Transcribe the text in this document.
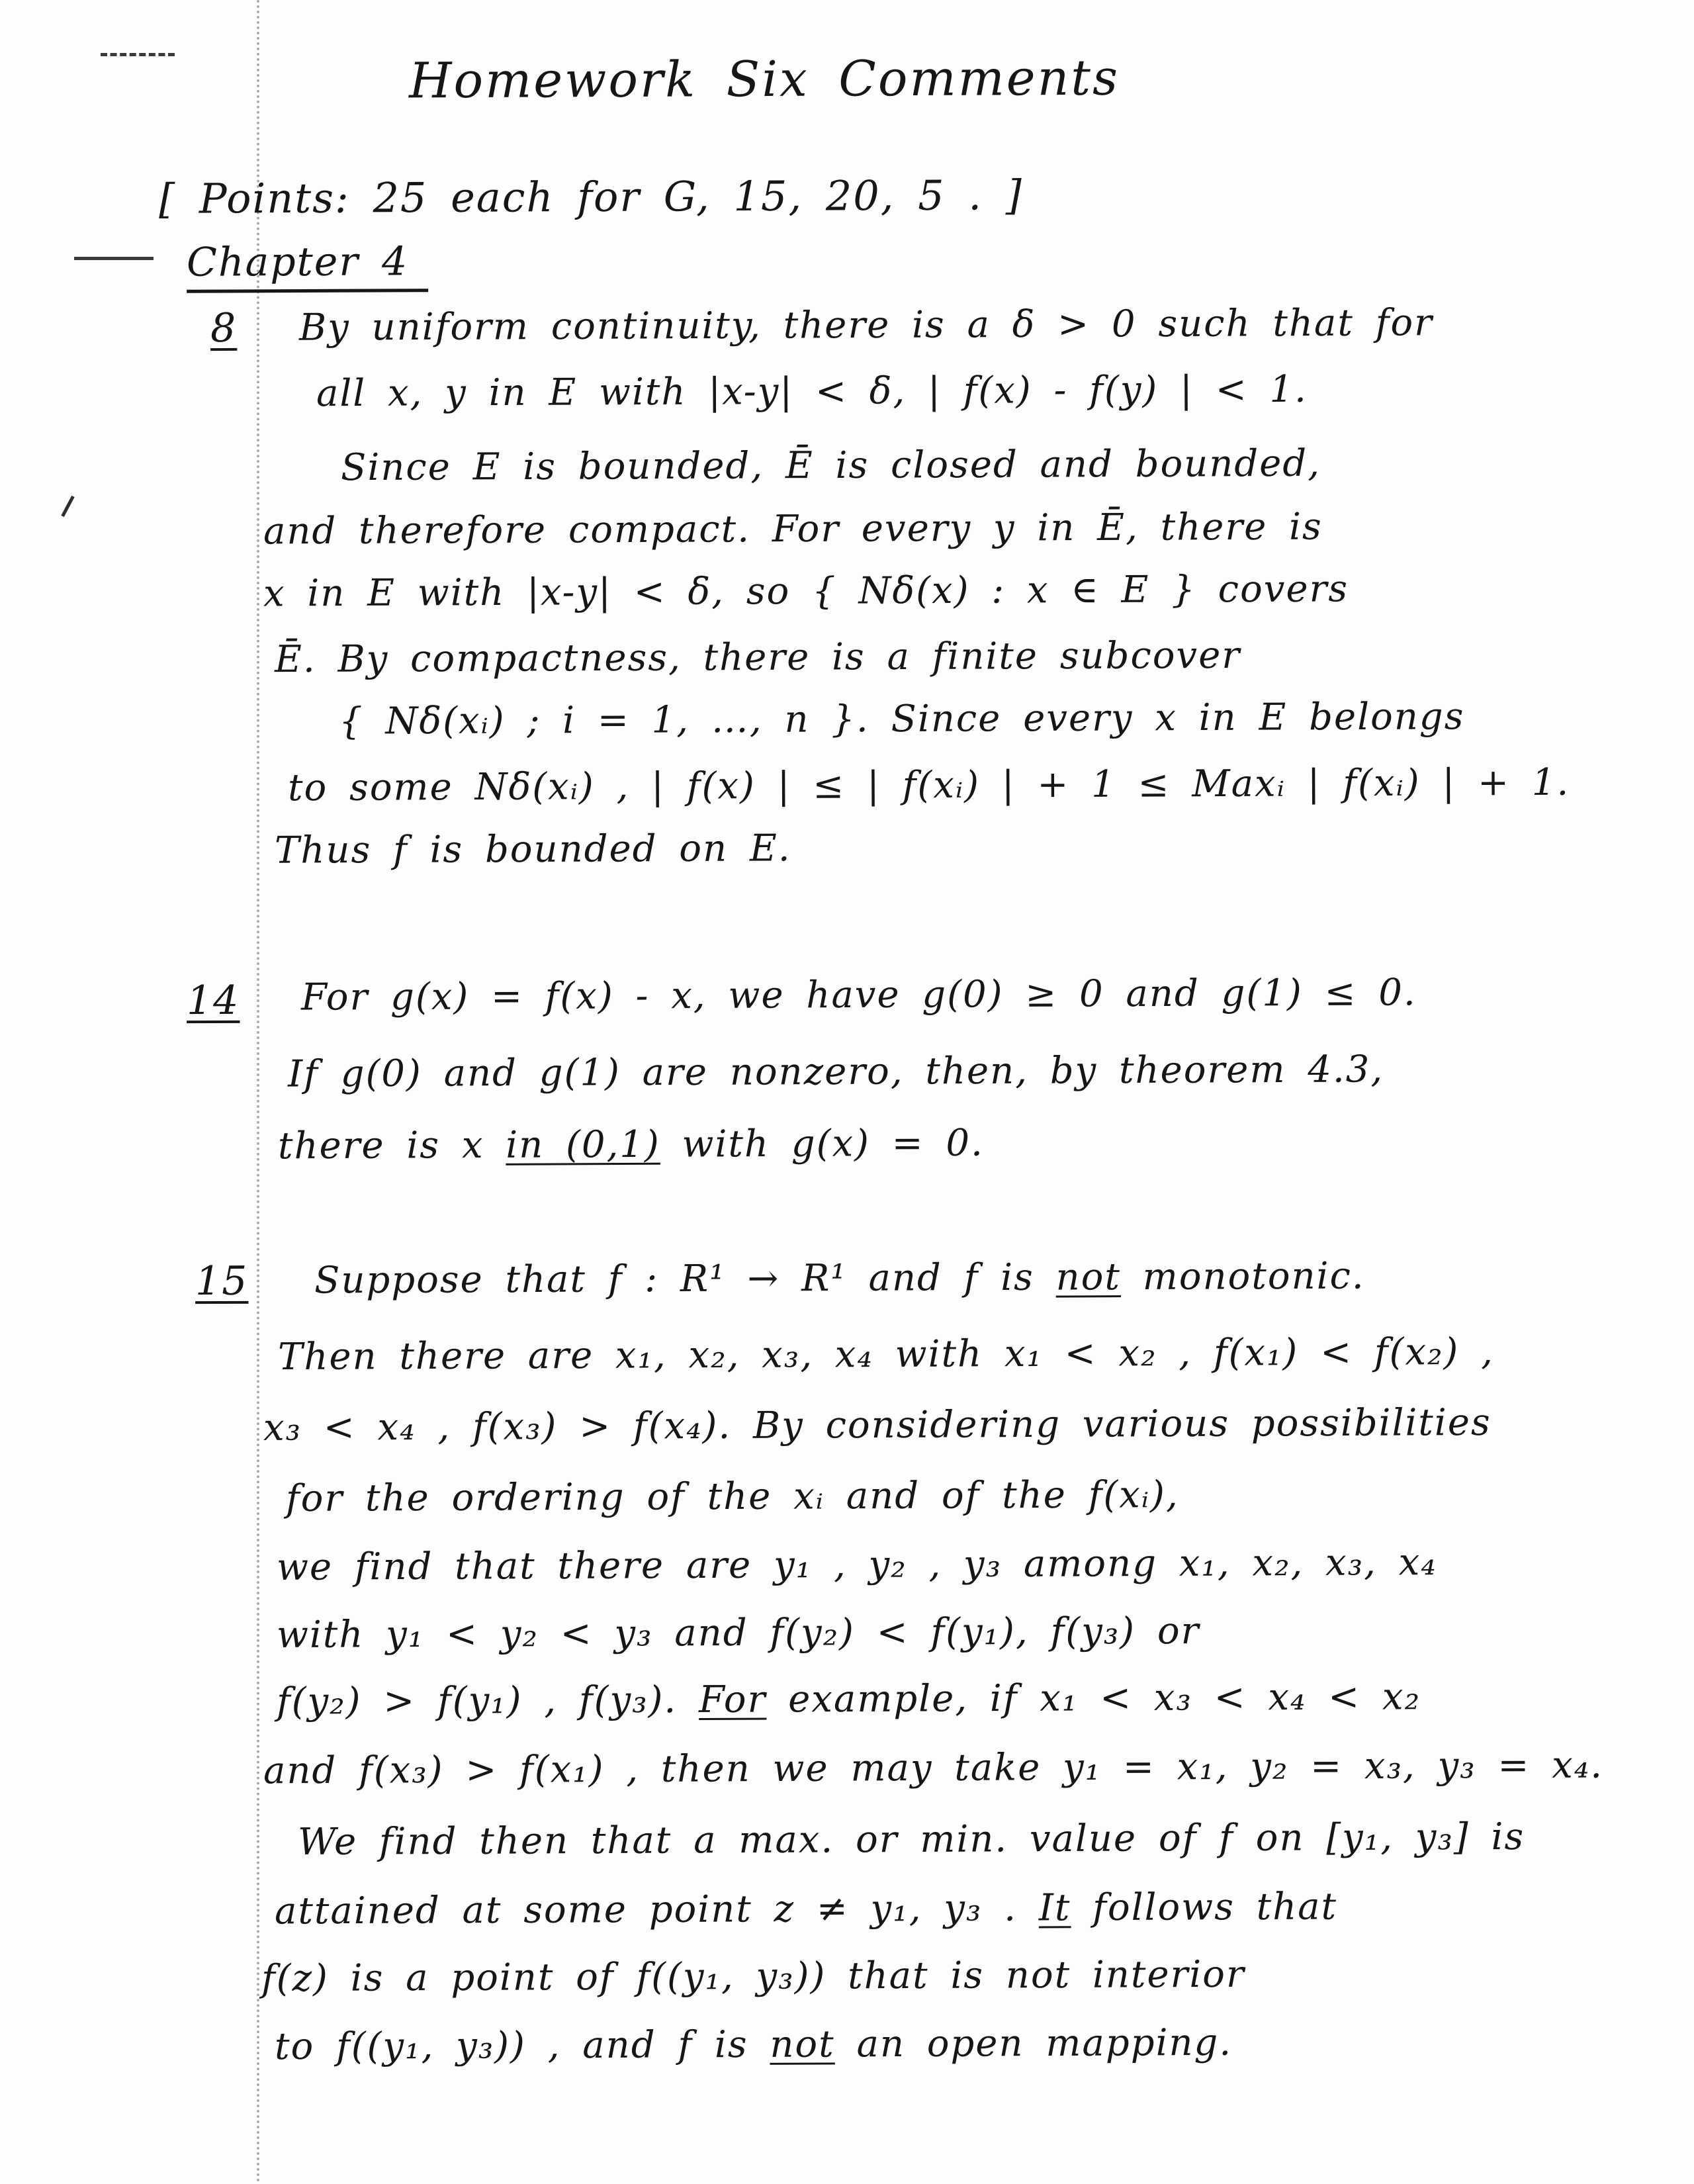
Homework Six Comments
[ Points: 25 each for G, 15, 20, 5 . ]
Chapter 4
8 By uniform continuity, there is a δ > 0 such that for
all x, y in E with |x-y| < δ, | f(x) - f(y) | < 1.
Since E is bounded, Ē is closed and bounded,
and therefore compact. For every y in Ē, there is
x in E with |x-y| < δ, so { Nδ(x) : x ∈ E } covers
Ē. By compactness, there is a finite subcover
{ Nδ(xᵢ) ; i = 1, …, n }. Since every x in E belongs
to some Nδ(xᵢ) , | f(x) | ≤ | f(xᵢ) | + 1 ≤ Maxᵢ | f(xᵢ) | + 1.
Thus f is bounded on E.
14 For g(x) = f(x) - x, we have g(0) ≥ 0 and g(1) ≤ 0.
If g(0) and g(1) are nonzero, then, by theorem 4.3,
there is x in (0,1) with g(x) = 0.
15 Suppose that f : R¹ → R¹ and f is not monotonic.
Then there are x₁, x₂, x₃, x₄ with x₁ < x₂ , f(x₁) < f(x₂) ,
x₃ < x₄ , f(x₃) > f(x₄). By considering various possibilities
for the ordering of the xᵢ and of the f(xᵢ),
we find that there are y₁ , y₂ , y₃ among x₁, x₂, x₃, x₄
with y₁ < y₂ < y₃ and f(y₂) < f(y₁), f(y₃) or
f(y₂) > f(y₁) , f(y₃). For example, if x₁ < x₃ < x₄ < x₂
and f(x₃) > f(x₁) , then we may take y₁ = x₁, y₂ = x₃, y₃ = x₄.
We find then that a max. or min. value of f on [y₁, y₃] is
attained at some point z ≠ y₁, y₃ . It follows that
f(z) is a point of f((y₁, y₃)) that is not interior
to f((y₁, y₃)) , and f is not an open mapping.
